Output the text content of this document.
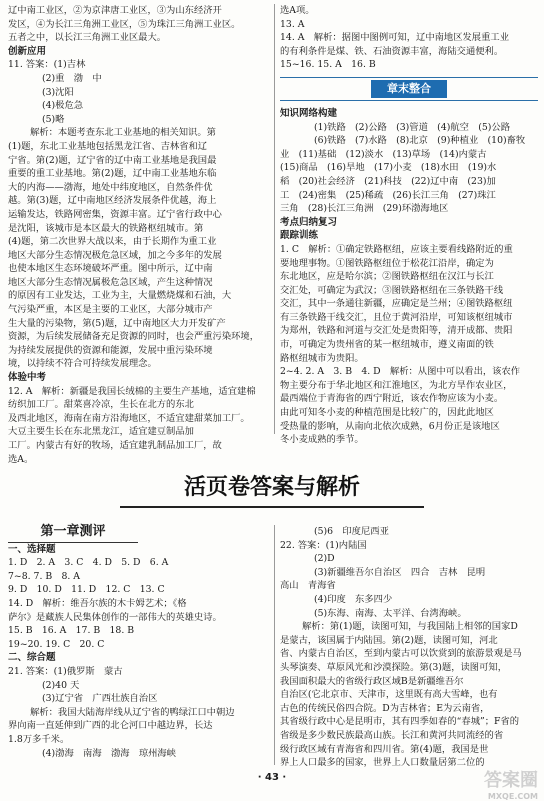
辽中南工业区，②为京津唐工业区，③为山东经济开

发区，④为长江三角洲工业区，⑤为珠江三角洲工业区。

五者之中，以长江三角洲工业区最大。

创新应用

11. 答案：(1)吉林

(2)重　渤　中

(3)沈阳

(4)极危急

(5)略

解析：本题考查东北工业基地的相关知识。第

(1)题，东北工业基地包括黑龙江省、吉林省和辽

宁省。第(2)题，辽宁省的辽中南工业基地是我国最

重要的重工业基地。第(2)题，辽中南工业基地东临

大的内海——渤海，地处中纬度地区，自然条件优

越。第(3)题，辽中南地区经济发展条件优越，海上

运输发达，铁路网密集，资源丰富。辽宁省行政中心

是沈阳，该城市是本区最大的铁路枢纽城市。第

(4)题，第二次世界大战以来，由于长期作为重工业

地区大部分生态情况极危急区域，加之今多年的发展

也使本地区生态环境破坏严重。图中所示，辽中南

地区大部分生态情况属极危急区域，产生这种情况

的原因有工业发达，工业为主，大量燃烧煤和石油，大

气污染严重，本区是主要的工业区，大部分城市产

生大量的污染物，第(5)题，辽中南地区大力开发矿产

资源，为后续发展储备充足资源的同时，也会严重污染环境，

为持续发展提供的资源和能源，发展中重污染环境

境，以持续不符合可持续发展理念。

体验中考

12. A　解析：新疆是我国长绒棉的主要生产基地，适宜建棉

纺织加工厂。甜菜喜冷凉，生长在北方的东北

及西北地区，海南在南方沿海地区，不适宜建甜菜加工厂。

大豆主要生长在东北黑龙江，适宜建豆制品加

工厂。内蒙古有好的牧场，适宜建乳制品加工厂，故

选A。

选A项。

13. A

14. A　解析：据图中图例可知，辽中南地区发展重工业

的有利条件是煤、铁、石油资源丰富，海陆交通便利。

15~16. 15. A　16. B

章末整合

知识网络构建

(1)铁路　(2)公路　(3)管道　(4)航空　(5)公路

(6)铁路　(7)水路　(8)北京　(9)种植业　(10)畜牧

业　(11)基础　(12)淡水　(13)草场　(14)内蒙古

(15)商品　(16)旱地　(17)小麦　(18)水田　(19)水

稻　(20)社会经济　(21)科技　(22)辽中南　(23)加

工　(24)密集　(25)稀疏　(26)长江三角　(27)珠江

三角　(28)长江三角洲　(29)环渤海地区

考点归纳复习

跟踪训练

1. C　解析：①确定铁路枢纽，应该主要看线路附近的重

要地理事物。①图铁路枢纽位于松花江沿岸，确定为

东北地区，应是哈尔滨；②图铁路枢纽在汉江与长江

交汇处，可确定为武汉；③图铁路枢纽在三条铁路干线

交汇，其中一条通往新疆，应确定是兰州；④图铁路枢纽

有三条铁路干线交汇，且位于黄河沿岸，可知该枢纽城市

为郑州，铁路和河道与交汇处是贵阳等，清开成都、贵阳

市，可确定为贵州省的某一枢纽城市，遵义南面的铁

路枢纽城市为贵阳。

2~4. 2. A　3. B　4. D　解析：从图中可以看出，该农作

物主要分布于华北地区和江淮地区，为北方旱作农业区，

最西端位于青海省的西宁附近，该农作物应该为小麦。

由此可知冬小麦的种植范围是比较广的，因此此地区

受热量的影响，从南向北依次成熟，6月份正是该地区

冬小麦成熟的季节。

活页卷答案与解析

第一章测评

一、选择题

1. D　2. A　3. C　4. D　5. D　6. A

7~8. 7. B　8. A

9. D　10. D　11. D　12. C　13. C

14. D　解析：维吾尔族的木卡姆艺术；《格

萨尔》是藏族人民集体创作的一部伟大的英雄史诗。

15. B　16. A　17. B　18. B

19~20. 19. C　20. C

二、综合题

21. 答案：(1)俄罗斯　蒙古

(2)40 天

(3)辽宁省　广西壮族自治区

解析：我国大陆海岸线从辽宁省的鸭绿江口中朝边

界向南一直延伸到广西的北仑河口中越边界，长达

1.8万多千米。

(4)渤海　南海　渤海　琼州海峡

(5)6　印度尼西亚

22. 答案：(1)内陆国

(2)D

(3)新疆维吾尔自治区　四合　吉林　昆明

高山　青海省

(4)印度　东多四少

(5)东海、南海、太平洋、台湾海峡。

解析：第(1)题，读图可知，与我国陆上相邻的国家D

是蒙古，该国属于内陆国。第(2)题，读图可知，河北

省、内蒙古自治区，至到内蒙古可以饮赏到的旅游景观是马

头琴演奏、草原风光和沙漠探险。第(3)题，读图可知，

我国面积最大的省级行政区域B是新疆维吾尔

自治区(它北京市、天津市，这里既有高大雪峰，也有

古色的传统民俗四合院。D为吉林省；E为云南省，

其省级行政中心是昆明市，其有四季如春的“春城”；F省的

省级是多少数民族最高山族。长江和黄河共同流经的省

级行政区域有青海省和四川省。第(4)题，我国是世

界上人口最多的国家，世界上人口数量居第二位的

· 43 ·	答案圈
MXQE.COM
